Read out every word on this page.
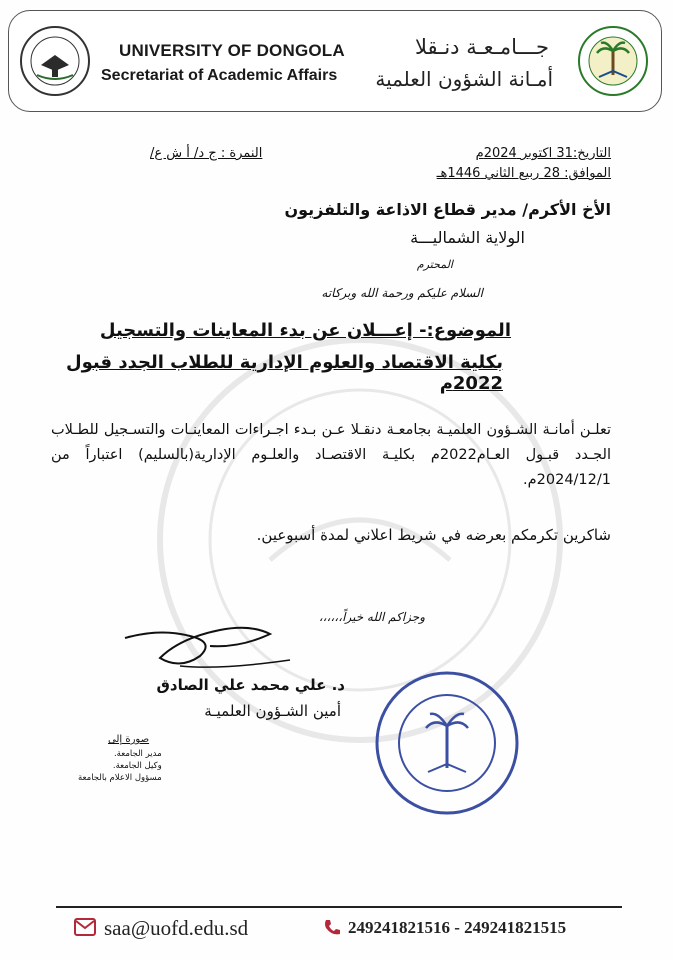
UNIVERSITY OF DONGOLA
Secretariat of Academic Affairs
جـــامـعـة دنـقلا
أمـانة الشؤون العلمية
التاريخ:31 اكتوبر 2024م
الموافق: 28 ربيع الثاني 1446هـ
النمرة : ج د/ أ ش ع/
الأخ الأكرم/ مدير قطاع الاذاعة والتلفزيون
الولاية الشماليـــة
المحترم
السلام عليكم ورحمة الله وبركاته
الموضوع:- إعـــلان عن بدء المعاينات والتسجيل
بكلية الاقتصاد والعلوم الإدارية للطلاب الجدد قبول 2022م
تعلـن أمانـة الشـؤون العلميـة بجامعـة دنقـلا عـن بـدء اجـراءات المعاينـات والتسـجيل للطـلاب الجـدد قبـول العـام2022م بكليـة الاقتصـاد والعلـوم الإدارية(بالسليم) اعتباراً من 2024/12/1م.
شاكرين تكرمكم بعرضه في شريط اعلاني لمدة أسبوعين.
وجزاكم الله خيراً،،،،،،
د. علي محمد علي الصادق
أمين الشـؤون العلميـة
صورة إلى
مدير الجامعة.
وكيل الجامعة.
مسؤول الاعلام بالجامعة
saa@uofd.edu.sd	249241821516 - 249241821515
